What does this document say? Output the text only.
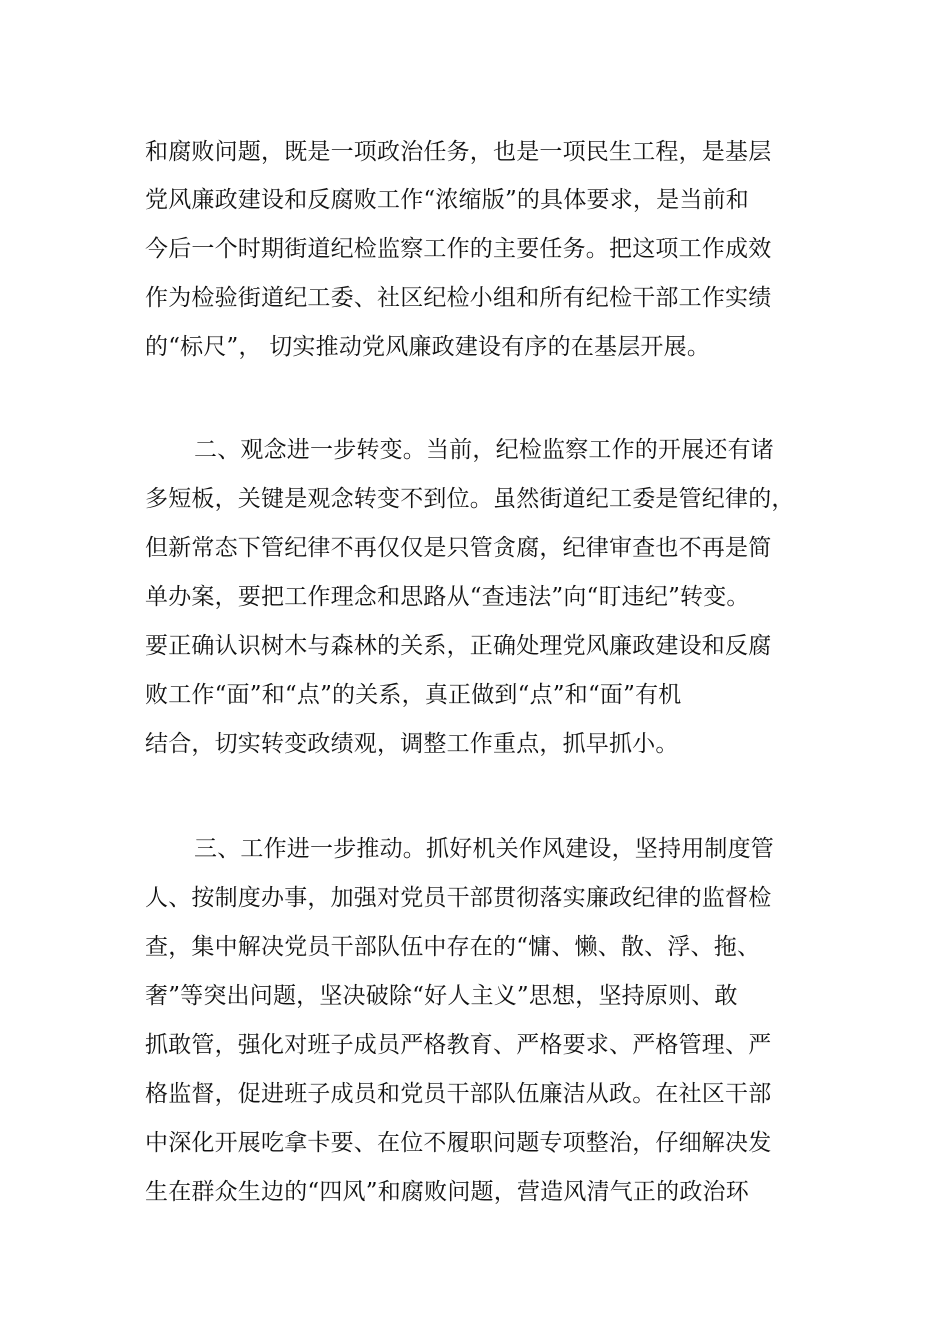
和腐败问题，既是一项政治任务，也是一项民生工程，是基层
党风廉政建设和反腐败工作“浓缩版”的具体要求，是当前和
今后一个时期街道纪检监察工作的主要任务。把这项工作成效
作为检验街道纪工委、社区纪检小组和所有纪检干部工作实绩
的“标尺”， 切实推动党风廉政建设有序的在基层开展。
二、观念进一步转变。当前，纪检监察工作的开展还有诸
多短板，关键是观念转变不到位。虽然街道纪工委是管纪律的，
但新常态下管纪律不再仅仅是只管贪腐，纪律审查也不再是简
单办案，要把工作理念和思路从“查违法”向“盯违纪”转变。
要正确认识树木与森林的关系，正确处理党风廉政建设和反腐
败工作“面”和“点”的关系，真正做到“点”和“面”有机
结合，切实转变政绩观，调整工作重点，抓早抓小。
三、工作进一步推动。抓好机关作风建设，坚持用制度管
人、按制度办事，加强对党员干部贯彻落实廉政纪律的监督检
查，集中解决党员干部队伍中存在的“慵、懒、散、浮、拖、
奢”等突出问题，坚决破除“好人主义”思想，坚持原则、敢
抓敢管，强化对班子成员严格教育、严格要求、严格管理、严
格监督，促进班子成员和党员干部队伍廉洁从政。在社区干部
中深化开展吃拿卡要、在位不履职问题专项整治，仔细解决发
生在群众生边的“四风”和腐败问题，营造风清气正的政治环
